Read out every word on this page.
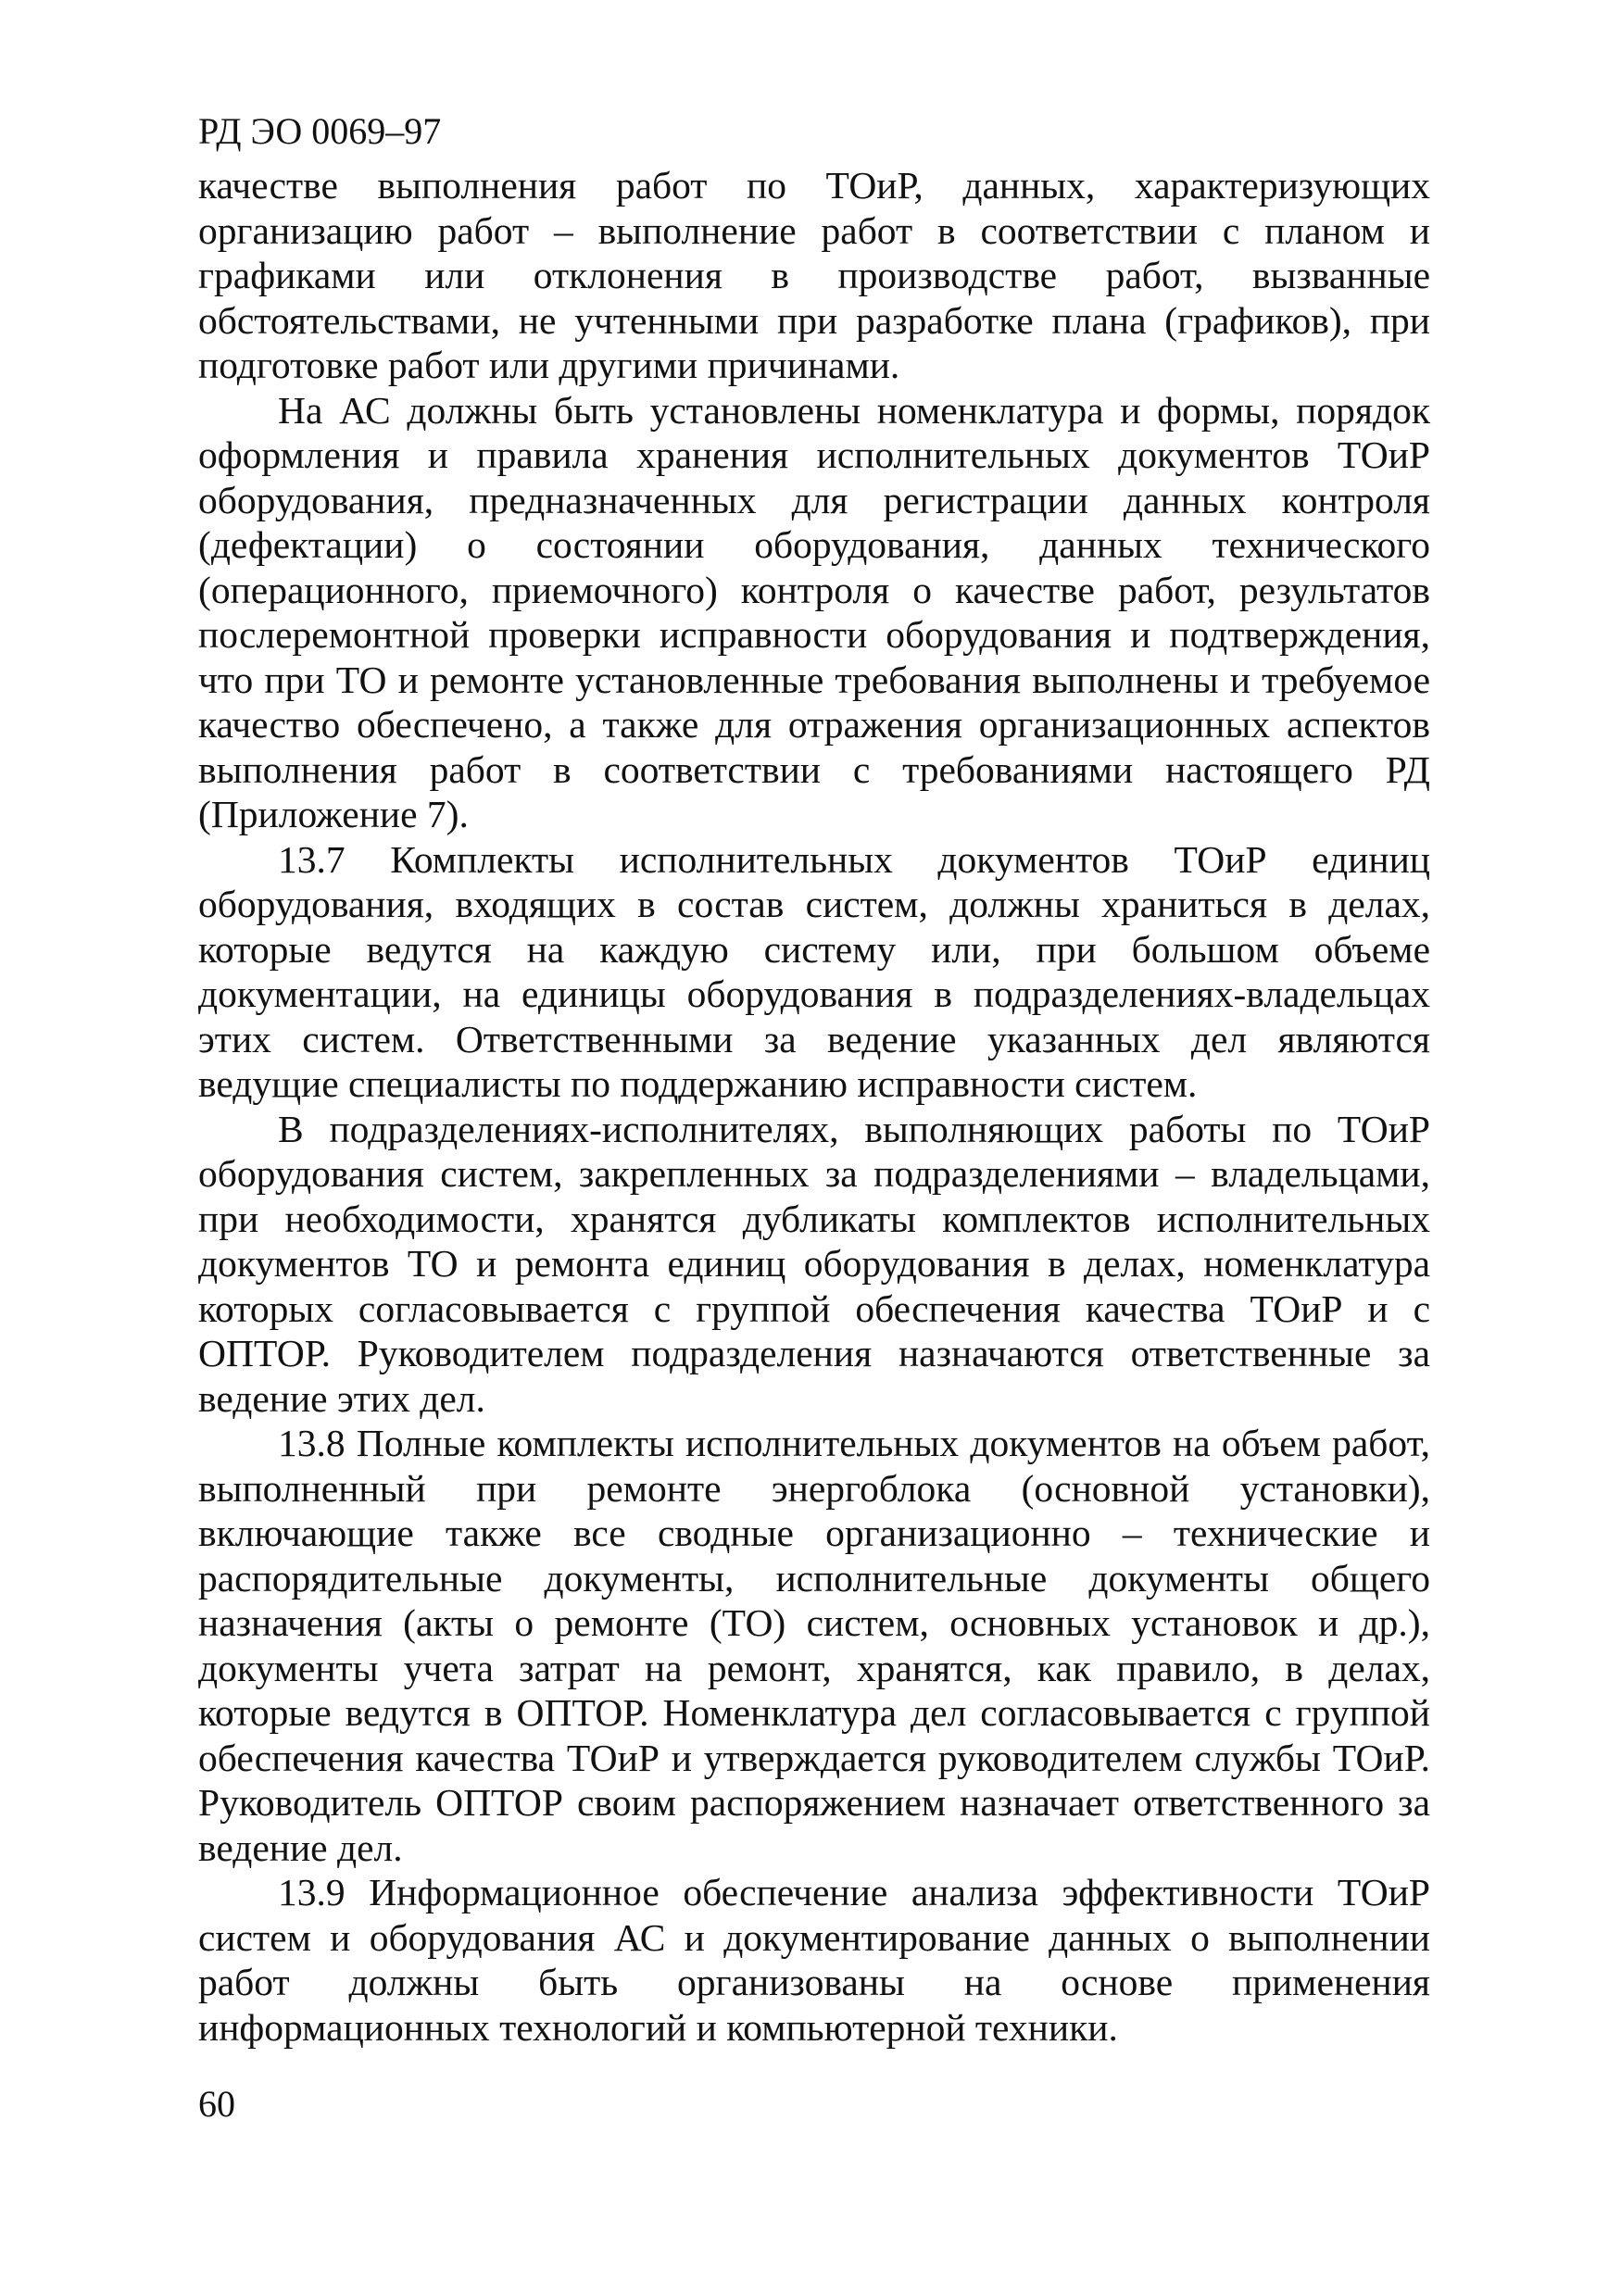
РД ЭО 0069–97

качестве выполнения работ по ТОиР, данных, характеризующих организацию работ – выполнение работ в соответствии с планом и графиками или отклонения в производстве работ, вызванные обстоятельствами, не учтенными при разработке плана (графиков), при подготовке работ или другими причинами.

На АС должны быть установлены номенклатура и формы, порядок оформления и правила хранения исполнительных документов ТОиР оборудования, предназначенных для регистрации данных контроля (дефектации) о состоянии оборудования, данных технического (операционного, приемочного) контроля о качестве работ, результатов послеремонтной проверки исправности оборудования и подтверждения, что при ТО и ремонте установленные требования выполнены и требуемое качество обеспечено, а также для отражения организационных аспектов выполнения работ в соответствии с требованиями настоящего РД (Приложение 7).

13.7 Комплекты исполнительных документов ТОиР единиц оборудования, входящих в состав систем, должны храниться в делах, которые ведутся на каждую систему или, при большом объеме документации, на единицы оборудования в подразделениях-владельцах этих систем. Ответственными за ведение указанных дел являются ведущие специалисты по поддержанию исправности систем.

В подразделениях-исполнителях, выполняющих работы по ТОиР оборудования систем, закрепленных за подразделениями – владельцами, при необходимости, хранятся дубликаты комплектов исполнительных документов ТО и ремонта единиц оборудования в делах, номенклатура которых согласовывается с группой обеспечения качества ТОиР и с ОПТОР. Руководителем подразделения назначаются ответственные за ведение этих дел.

13.8 Полные комплекты исполнительных документов на объем работ, выполненный при ремонте энергоблока (основной установки), включающие также все сводные организационно – технические и распорядительные документы, исполнительные документы общего назначения (акты о ремонте (ТО) систем, основных установок и др.), документы учета затрат на ремонт, хранятся, как правило, в делах, которые ведутся в ОПТОР. Номенклатура дел согласовывается с группой обеспечения качества ТОиР и утверждается руководителем службы ТОиР. Руководитель ОПТОР своим распоряжением назначает ответственного за ведение дел.

13.9 Информационное обеспечение анализа эффективности ТОиР систем и оборудования АС и документирование данных о выполнении работ должны быть организованы на основе применения информационных технологий и компьютерной техники.

60
